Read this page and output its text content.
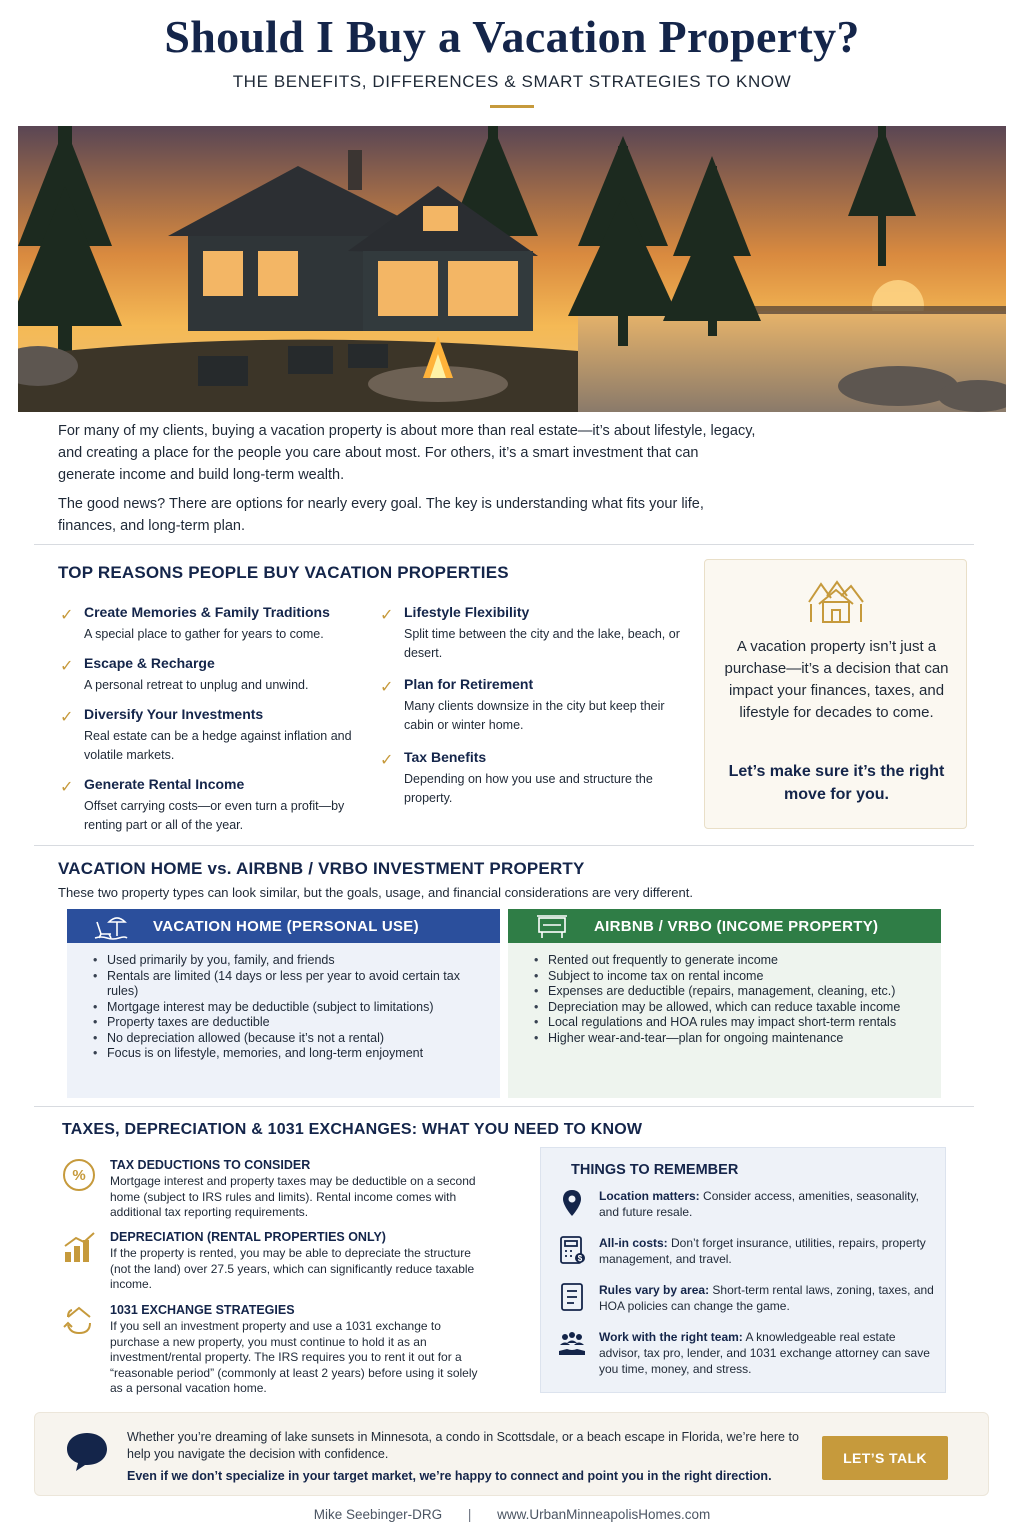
Should I Buy a Vacation Property?
THE BENEFITS, DIFFERENCES & SMART STRATEGIES TO KNOW

For many of my clients, buying a vacation property is about more than real estate—it’s about lifestyle, legacy, and creating a place for the people you care about most. For others, it’s a smart investment that can generate income and build long-term wealth.

The good news? There are options for nearly every goal. The key is understanding what fits your life, finances, and long-term plan.

TOP REASONS PEOPLE BUY VACATION PROPERTIES
✓ Create Memories & Family Traditions
A special place to gather for years to come.
✓ Escape & Recharge
A personal retreat to unplug and unwind.
✓ Diversify Your Investments
Real estate can be a hedge against inflation and volatile markets.
✓ Generate Rental Income
Offset carrying costs—or even turn a profit—by renting part or all of the year.
✓ Lifestyle Flexibility
Split time between the city and the lake, beach, or desert.
✓ Plan for Retirement
Many clients downsize in the city but keep their cabin or winter home.
✓ Tax Benefits
Depending on how you use and structure the property.
A vacation property isn’t just a purchase—it’s a decision that can impact your finances, taxes, and lifestyle for decades to come.
Let’s make sure it’s the right move for you.
VACATION HOME vs. AIRBNB / VRBO INVESTMENT PROPERTY
These two property types can look similar, but the goals, usage, and financial considerations are very different.
VACATION HOME (PERSONAL USE)
• Used primarily by you, family, and friends
• Rentals are limited (14 days or less per year to avoid certain tax rules)
• Mortgage interest may be deductible (subject to limitations)
• Property taxes are deductible
• No depreciation allowed (because it’s not a rental)
• Focus is on lifestyle, memories, and long-term enjoyment
AIRBNB / VRBO (INCOME PROPERTY)
• Rented out frequently to generate income
• Subject to income tax on rental income
• Expenses are deductible (repairs, management, cleaning, etc.)
• Depreciation may be allowed, which can reduce taxable income
• Local regulations and HOA rules may impact short-term rentals
• Higher wear-and-tear—plan for ongoing maintenance
TAXES, DEPRECIATION & 1031 EXCHANGES: WHAT YOU NEED TO KNOW
%
TAX DEDUCTIONS TO CONSIDER
Mortgage interest and property taxes may be deductible on a second home (subject to IRS rules and limits). Rental income comes with additional tax reporting requirements.
DEPRECIATION (RENTAL PROPERTIES ONLY)
If the property is rented, you may be able to depreciate the structure (not the land) over 27.5 years, which can significantly reduce taxable income.
1031 EXCHANGE STRATEGIES
If you sell an investment property and use a 1031 exchange to purchase a new property, you must continue to hold it as an investment/rental property. The IRS requires you to rent it out for a “reasonable period” (commonly at least 2 years) before using it solely as a personal vacation home.
THINGS TO REMEMBER
Location matters: Consider access, amenities, seasonality, and future resale.
$
All-in costs: Don’t forget insurance, utilities, repairs, property management, and travel.
Rules vary by area: Short-term rental laws, zoning, taxes, and HOA policies can change the game.
Work with the right team: A knowledgeable real estate advisor, tax pro, lender, and 1031 exchange attorney can save you time, money, and stress.
Whether you’re dreaming of lake sunsets in Minnesota, a condo in Scottsdale, or a beach escape in Florida, we’re here to help you navigate the decision with confidence.
Even if we don’t specialize in your target market, we’re happy to connect and point you in the right direction.
LET’S TALK
Mike Seebinger-DRG | www.UrbanMinneapolisHomes.com
